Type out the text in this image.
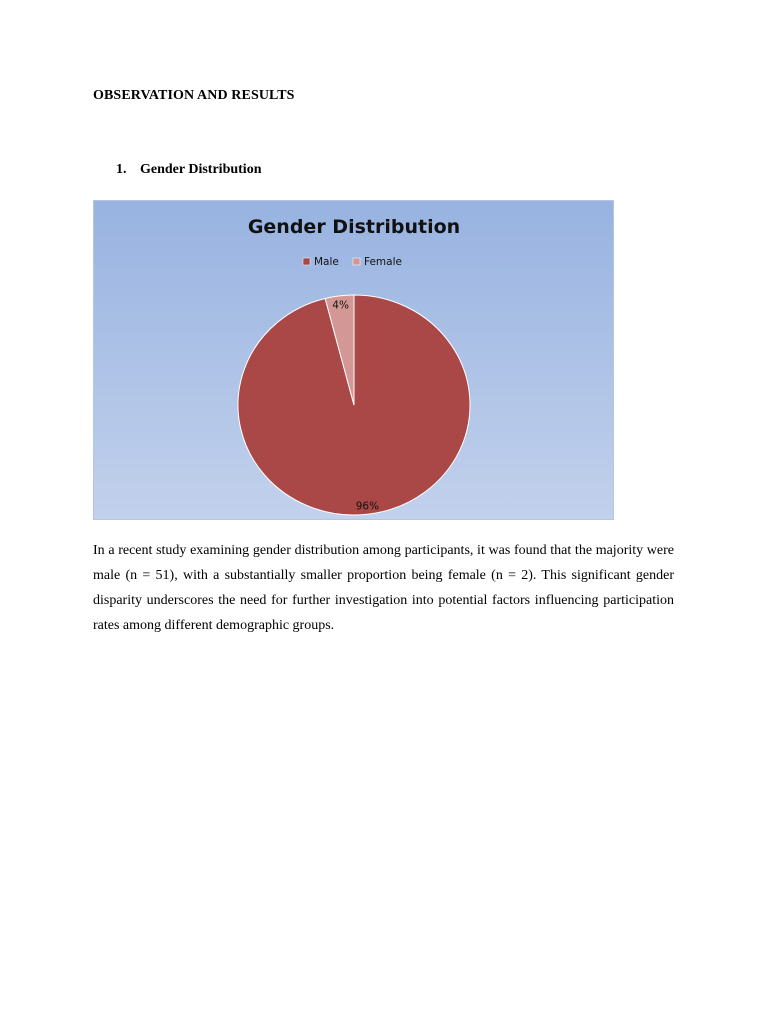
OBSERVATION AND RESULTS
1. Gender Distribution
Gender Distribution
Male Female
96%
4%
In a recent study examining gender distribution among participants, it was found that the majority were male (n = 51), with a substantially smaller proportion being female (n = 2). This significant gender disparity underscores the need for further investigation into potential factors influencing participation rates among different demographic groups.
